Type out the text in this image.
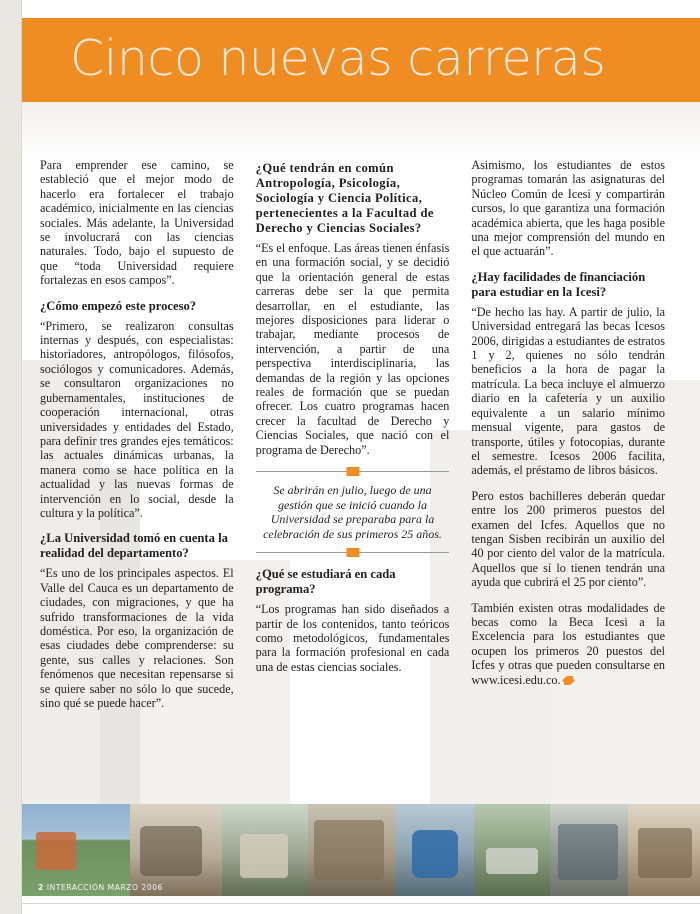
Cinco nuevas carreras

Para emprender ese camino, se estableció que el mejor modo de hacerlo era fortalecer el trabajo académico, inicialmente en las ciencias sociales. Más adelante, la Universidad se involucrará con las ciencias naturales. Todo, bajo el supuesto de que “toda Universidad requiere fortalezas en esos campos”.

¿Cómo empezó este proceso?

“Primero, se realizaron consultas internas y después, con especialistas: historiadores, antropólogos, filósofos, sociólogos y comunicadores. Además, se consultaron organizaciones no gubernamentales, instituciones de cooperación internacional, otras universidades y entidades del Estado, para definir tres grandes ejes temáticos: las actuales dinámicas urbanas, la manera como se hace política en la actualidad y las nuevas formas de intervención en lo social, desde la cultura y la política”.

¿La Universidad tomó en cuenta la realidad del departamento?

“Es uno de los principales aspectos. El Valle del Cauca es un departamento de ciudades, con migraciones, y que ha sufrido transformaciones de la vida doméstica. Por eso, la organización de esas ciudades debe comprenderse: su gente, sus calles y relaciones. Son fenómenos que necesitan repensarse si se quiere saber no sólo lo que sucede, sino qué se puede hacer”.

¿Qué tendrán en común Antropología, Psicología, Sociología y Ciencia Política, pertenecientes a la Facultad de Derecho y Ciencias Sociales?

“Es el enfoque. Las áreas tienen énfasis en una formación social, y se decidió que la orientación general de estas carreras debe ser la que permita desarrollar, en el estudiante, las mejores disposiciones para liderar o trabajar, mediante procesos de intervención, a partir de una perspectiva interdisciplinaria, las demandas de la región y las opciones reales de formación que se puedan ofrecer. Los cuatro programas hacen crecer la facultad de Derecho y Ciencias Sociales, que nació con el programa de Derecho”.

Se abrirán en julio, luego de una gestión que se inició cuando la Universidad se preparaba para la celebración de sus primeros 25 años.
¿Qué se estudiará en cada programa?

“Los programas han sido diseñados a partir de los contenidos, tanto teóricos como metodológicos, fundamentales para la formación profesional en cada una de estas ciencias sociales.

Asimismo, los estudiantes de estos programas tomarán las asignaturas del Núcleo Común de Icesi y compartirán cursos, lo que garantiza una formación académica abierta, que les haga posible una mejor comprensión del mundo en el que actuarán”.

¿Hay facilidades de financiación para estudiar en la Icesi?

“De hecho las hay. A partir de julio, la Universidad entregará las becas Icesos 2006, dirigidas a estudiantes de estratos 1 y 2, quienes no sólo tendrán beneficios a la hora de pagar la matrícula. La beca incluye el almuerzo diario en la cafetería y un auxilio equivalente a un salario mínimo mensual vigente, para gastos de transporte, útiles y fotocopias, durante el semestre. Icesos 2006 facilita, además, el préstamo de libros básicos.

Pero estos bachilleres deberán quedar entre los 200 primeros puestos del examen del Icfes. Aquellos que no tengan Sisben recibirán un auxilio del 40 por ciento del valor de la matrícula. Aquellos que sí lo tienen tendrán una ayuda que cubrirá el 25 por ciento”.

También existen otras modalidades de becas como la Beca Icesi a la Excelencia para los estudiantes que ocupen los primeros 20 puestos del Icfes y otras que pueden consultarse en www.icesi.edu.co.

2 INTERACCIÓN MARZO 2006
